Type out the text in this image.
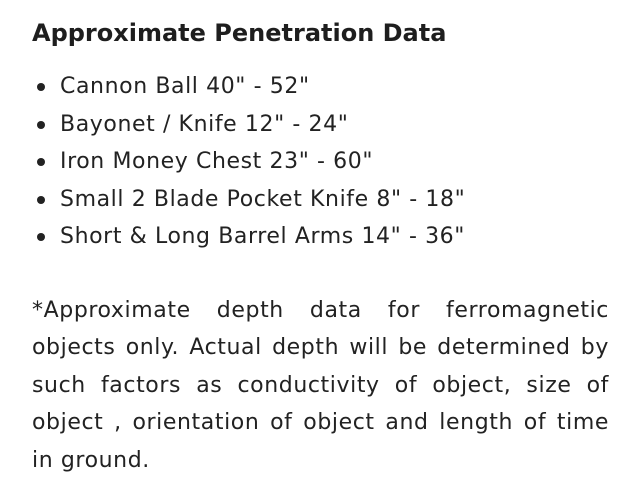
Approximate Penetration Data
Cannon Ball 40" - 52"
Bayonet / Knife 12" - 24"
Iron Money Chest 23" - 60"
Small 2 Blade Pocket Knife 8" - 18"
Short & Long Barrel Arms 14" - 36"

*Approximate depth data for ferromagnetic objects only. Actual depth will be determined by such factors as conductivity of object, size of object , orientation of object and length of time in ground.
